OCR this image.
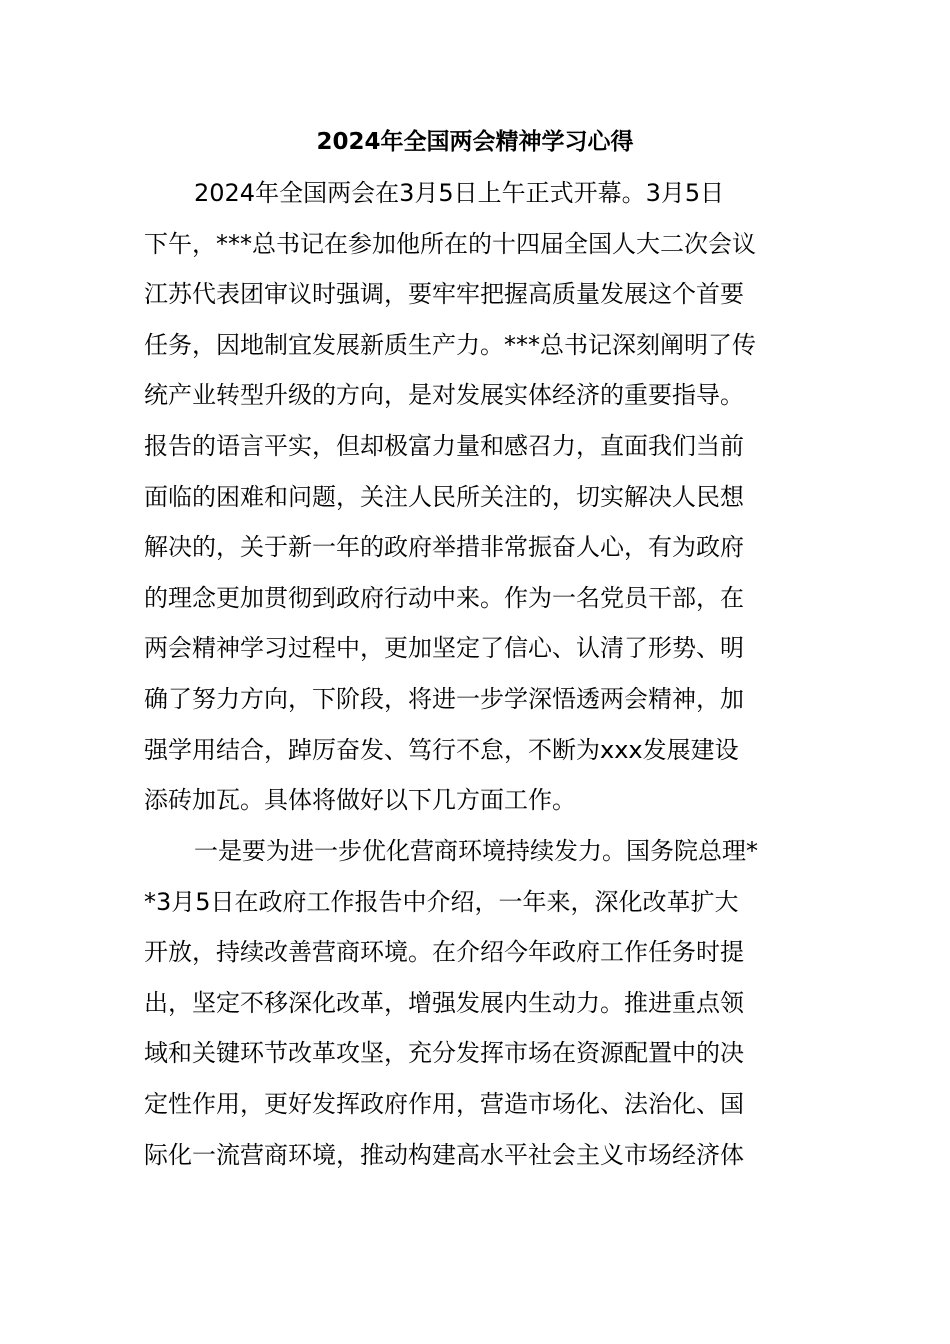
2024年全国两会精神学习心得
2024年全国两会在3月5日上午正式开幕。3月5日
下午，***总书记在参加他所在的十四届全国人大二次会议
江苏代表团审议时强调，要牢牢把握高质量发展这个首要
任务，因地制宜发展新质生产力。***总书记深刻阐明了传
统产业转型升级的方向，是对发展实体经济的重要指导。
报告的语言平实，但却极富力量和感召力，直面我们当前
面临的困难和问题，关注人民所关注的，切实解决人民想
解决的，关于新一年的政府举措非常振奋人心，有为政府
的理念更加贯彻到政府行动中来。作为一名党员干部，在
两会精神学习过程中，更加坚定了信心、认清了形势、明
确了努力方向，下阶段，将进一步学深悟透两会精神，加
强学用结合，踔厉奋发、笃行不怠，不断为xxx发展建设
添砖加瓦。具体将做好以下几方面工作。
一是要为进一步优化营商环境持续发力。国务院总理*
*3月5日在政府工作报告中介绍，一年来，深化改革扩大
开放，持续改善营商环境。在介绍今年政府工作任务时提
出，坚定不移深化改革，增强发展内生动力。推进重点领
域和关键环节改革攻坚，充分发挥市场在资源配置中的决
定性作用，更好发挥政府作用，营造市场化、法治化、国
际化一流营商环境，推动构建高水平社会主义市场经济体
